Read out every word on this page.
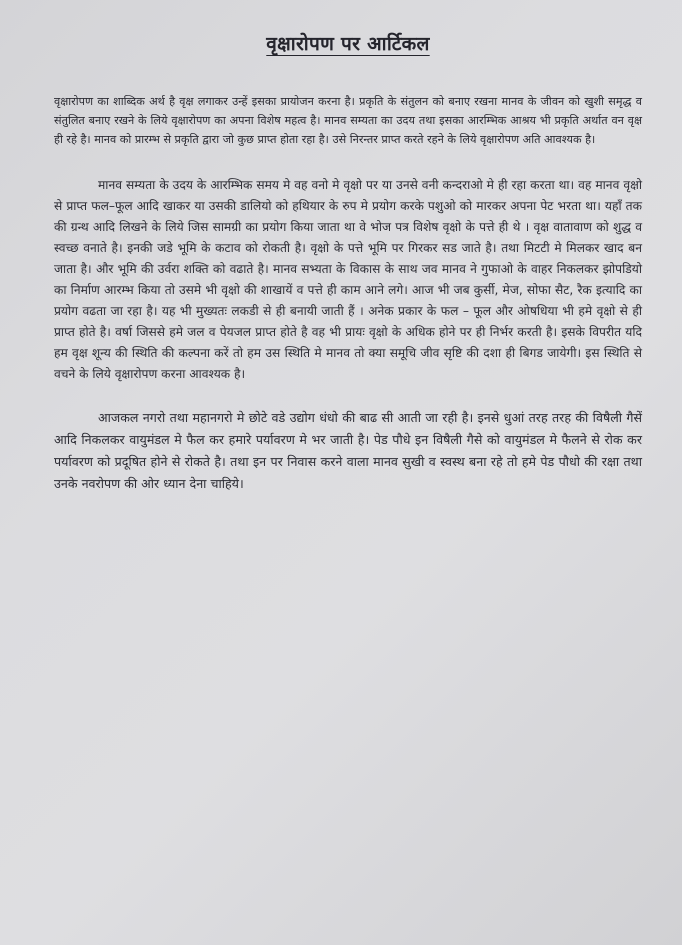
वृक्षारोपण पर आर्टिकल

वृक्षारोपण का शाब्दिक अर्थ है वृक्ष लगाकर उन्हें इसका प्रायोजन करना है। प्रकृति के संतुलन को बनाए रखना मानव के जीवन को खुशी समृद्ध व संतुलित बनाए रखने के लिये वृक्षारोपण का अपना विशेष महत्व है। मानव सम्यता का उदय तथा इसका आरम्भिक आश्रय भी प्रकृति अर्थात वन वृक्ष ही रहे है। मानव को प्रारम्भ से प्रकृति द्वारा जो कुछ प्राप्त होता रहा है। उसे निरन्तर प्राप्त करते रहने के लिये वृक्षारोपण अति आवश्यक है।

मानव सम्यता के उदय के आरम्भिक समय मे वह वनो मे वृक्षो पर या उनसे वनी कन्दराओ मे ही रहा करता था। वह मानव वृक्षो से प्राप्त फल–फूल आदि खाकर या उसकी डालियो को हथियार के रुप मे प्रयोग करके पशुओ को मारकर अपना पेट भरता था। यहाँ तक की ग्रन्थ आदि लिखने के लिये जिस सामग्री का प्रयोग किया जाता था वे भोज पत्र विशेष वृक्षो के पत्ते ही थे । वृक्ष वातावाण को शुद्ध व स्वच्छ वनाते है। इनकी जडे भूमि के कटाव को रोकती है। वृक्षो के पत्ते भूमि पर गिरकर सड जाते है। तथा मिटटी मे मिलकर खाद बन जाता है। और भूमि की उर्वरा शक्ति को वढाते है। मानव सभ्यता के विकास के साथ जव मानव ने गुफाओ के वाहर निकलकर झोपडियो का निर्माण आरम्भ किया तो उसमे भी वृक्षो की शाखायें व पत्ते ही काम आने लगे। आज भी जब कुर्सी, मेज, सोफा सैट, रैक इत्यादि का प्रयोग वढता जा रहा है। यह भी मुख्यतः लकडी से ही बनायी जाती हैं । अनेक प्रकार के फल – फूल और ओषधिया भी हमे वृक्षो से ही प्राप्त होते है। वर्षा जिससे हमे जल व पेयजल प्राप्त होते है वह भी प्रायः वृक्षो के अधिक होने पर ही निर्भर करती है। इसके विपरीत यदि हम वृक्ष शून्य की स्थिति की कल्पना करें तो हम उस स्थिति मे मानव तो क्या समूचि जीव सृष्टि की दशा ही बिगड जायेगी। इस स्थिति से वचने के लिये वृक्षारोपण करना आवश्यक है।

आजकल नगरो तथा महानगरो मे छोटे वडे उद्योग धंधो की बाढ सी आती जा रही है। इनसे धुआं तरह तरह की विषैली गैसें आदि निकलकर वायुमंडल मे फैल कर हमारे पर्यावरण मे भर जाती है। पेड पौधे इन विषैली गैसे को वायुमंडल मे फैलने से रोक कर पर्यावरण को प्रदूषित होने से रोकते है। तथा इन पर निवास करने वाला मानव सुखी व स्वस्थ बना रहे तो हमे पेड पौधो की रक्षा तथा उनके नवरोपण की ओर ध्यान देना चाहिये।
